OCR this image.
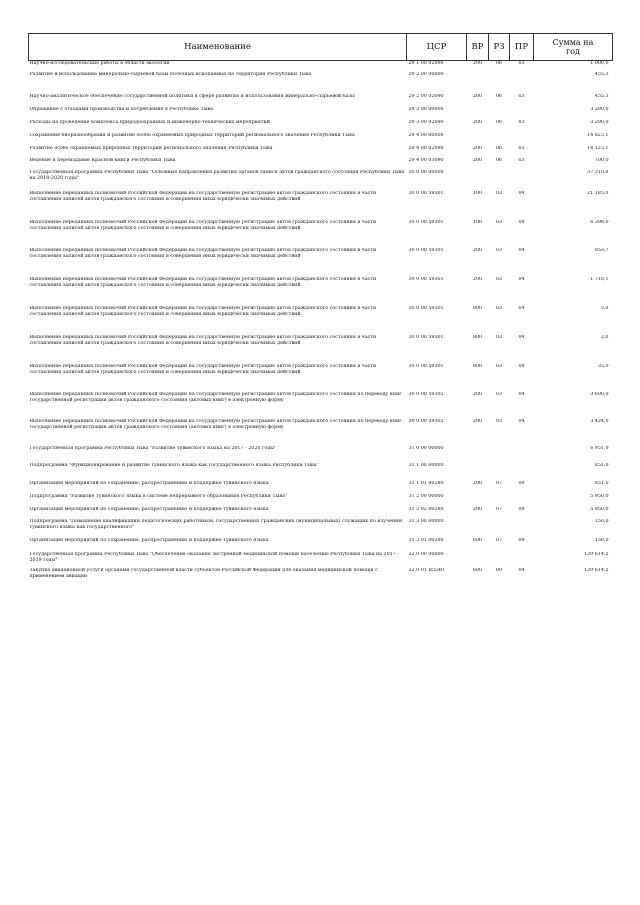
Наименование	ЦСР	ВР	РЗ	ПР	Сумма на
год
Научно-исследовательские работы в области экологии	29 1 00 02090	200	06	03	1 000,0
Развитие и использование минерально-сырьевой базы полезных ископаемых на территории Республики Тыва	29 2 00 00000				455,3
Научно-аналитическое обеспечение государственной политики в сфере развития и использования минерально-сырьевой базы	29 2 00 02090	200	06	03	455,3
Обращение с отходами производства и потребления в Республике Тыва	29 3 00 00000				3 290,0
Расходы на проведение комплекса природоохранных и инженерно-технических мероприятий	29 3 00 02090	200	06	03	3 290,0
Сохранение биоразнообразия и развитие особо охраняемых природных территорий регионального значения Республики Тыва	29 4 00 00000				14 823,1
Развитие особо охраняемых природных территорий регионального значения Республики Тыва	29 4 00 02090	200	06	03	14 123,1
Ведение и переиздание Красной книги Республики Тыва	29 4 00 03090	200	06	03	700,0
Государственная программа Республики Тыва "Основные направления развития органов записи актов гражданского состояния Республики Тыва на 2018-2020 годы"	30 0 00 00000				37 310,8
Выполнение переданных полномочий Российской Федерации на государственную регистрацию актов гражданского состояния в части составления записей актов гражданского состояния и совершения иных юридически значимых действий	30 0 00 59301	100	03	04	21 185,0
Выполнение переданных полномочий Российской Федерации на государственную регистрацию актов гражданского состояния в части составления записей актов гражданского состояния и совершения иных юридически значимых действий	30 0 00 59301	100	03	04	6 398,0
Выполнение переданных полномочий Российской Федерации на государственную регистрацию актов гражданского состояния в части составления записей актов гражданского состояния и совершения иных юридически значимых действий	30 0 00 59301	200	03	04	853,7
Выполнение переданных полномочий Российской Федерации на государственную регистрацию актов гражданского состояния в части составления записей актов гражданского состояния и совершения иных юридически значимых действий	30 0 00 59301	200	03	04	1 718,1
Выполнение переданных полномочий Российской Федерации на государственную регистрацию актов гражданского состояния в части составления записей актов гражданского состояния и совершения иных юридически значимых действий	30 0 00 59301	800	03	04	5,0
Выполнение переданных полномочий Российской Федерации на государственную регистрацию актов гражданского состояния в части составления записей актов гражданского состояния и совершения иных юридически значимых действий	30 0 00 59301	800	03	04	2,0
Выполнение переданных полномочий Российской Федерации на государственную регистрацию актов гражданского состояния в части составления записей актов гражданского состояния и совершения иных юридически значимых действий	30 0 00 59301	800	03	04	35,0
Выполнение переданных полномочий Российской Федерации на государственную регистрацию актов гражданского состояния по переводу книг государственной регистрации актов гражданского состояния (актовых книг) в электронную форму	30 0 00 59302	200	03	04	3 690,0
Выполнение переданных полномочий Российской Федерации на государственную регистрацию актов гражданского состояния по переводу книг государственной регистрации актов гражданского состояния (актовых книг) в электронную форму	30 0 00 59302	200	03	04	3 424,0
Государственная программа Республики Тыва "Развитие тувинского языка на 2017 - 2020 годы"	31 0 00 00000				6 951,0
Подпрограмма "Функционирование и развитие тувинского языка как государственного языка Республики Тыва"	31 1 00 00000				851,0
Организация мероприятий по сохранению, распространению и поддержке тувинского языка	31 1 01 00280	200	07	09	851,0
Подпрограмма "Развитие тувинского языка в системе непрерывного образования Республики Тыва"	31 2 00 00000				5 950,0
Организация мероприятий по сохранению, распространению и поддержке тувинского языка	31 2 02 00280	200	07	09	5 950,0
Подпрограмма "Повышение квалификации педагогических работников, государственных гражданских (муниципальных) служащих по изучению тувинского языка как государственного"	31 3 00 00000				150,0
Организация мероприятий по сохранению, распространению и поддержке тувинского языка	31 3 01 00280	600	07	09	150,0
Государственная программа Республики Тыва "Обеспечение оказания экстренной медицинской помощи населению Республики Тыва на 2017 - 2019 годы"	32 0 00 00000				129 614,2
Закупка авиационной услуги органами государственной власти субъектов Российской Федерации для оказания медицинской помощи с применением авиации	32 0 01 R5540	600	09	04	129 614,2
